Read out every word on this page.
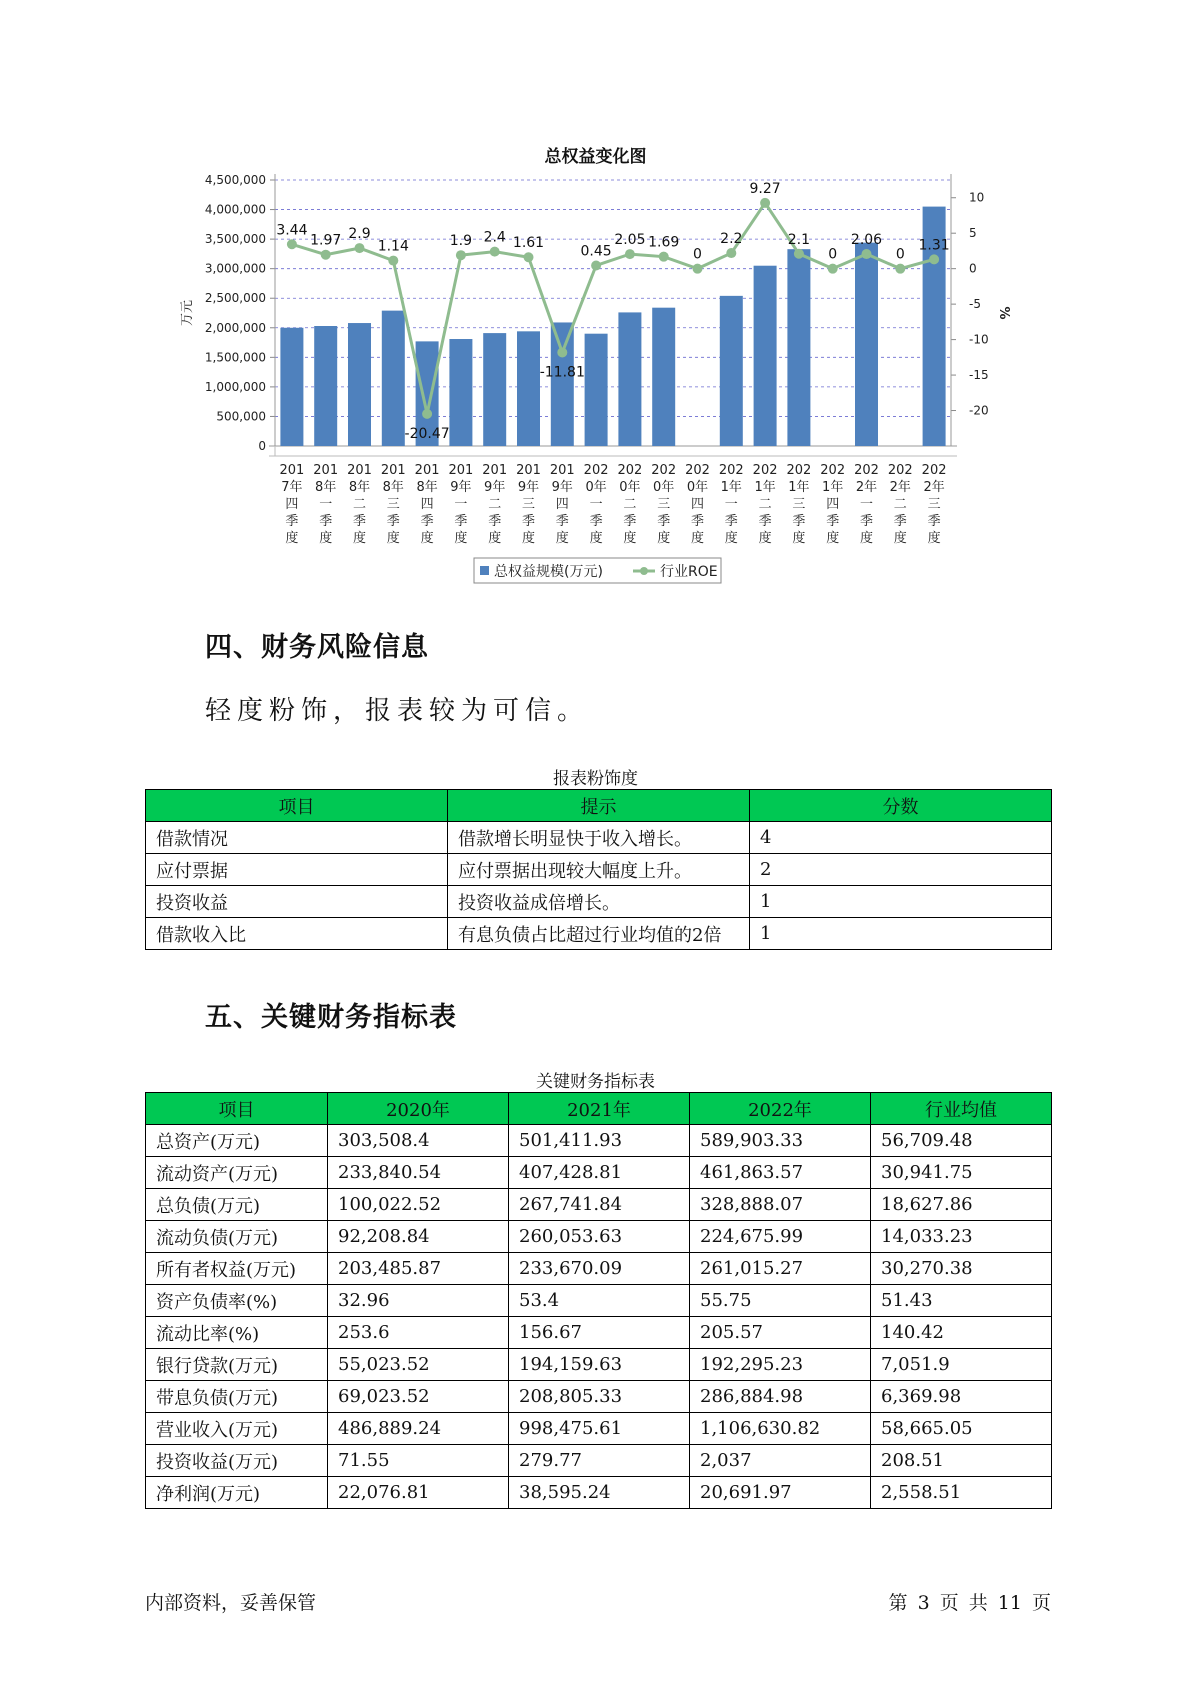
总权益变化图
4,500,000
4,000,000
3,500,000
3,000,000
2,500,000
2,000,000
1,500,000
1,000,000
500,000
0
10
5
0
-5
-10
-15
-20
万元	%
201
7年
四
季
度
201
8年
一
季
度
201
8年
二
季
度
201
8年
三
季
度
201
8年
四
季
度
201
9年
一
季
度
201
9年
二
季
度
201
9年
三
季
度
201
9年
四
季
度
202
0年
一
季
度
202
0年
二
季
度
202
0年
三
季
度
202
0年
四
季
度
202
1年
一
季
度
202
1年
二
季
度
202
1年
三
季
度
202
1年
四
季
度
202
2年
一
季
度
202
2年
二
季
度
202
2年
三
季
度
3.44
1.97 2.9
1.14
-20.47
1.9 2.4 1.61
-11.81
0.45
2.05 1.69
0
2.2
9.27
2.1
0
2.06
0
1.31
总权益规模(万元)	行业ROE
四、财务风险信息
轻度粉饰，报表较为可信。
报表粉饰度
项目	提示	分数
借款情况	借款增长明显快于收入增长。	4
应付票据	应付票据出现较大幅度上升。	2
投资收益	投资收益成倍增长。	1
借款收入比	有息负债占比超过行业均值的2倍	1
五、关键财务指标表
关键财务指标表
项目	2020年	2021年	2022年	行业均值
总资产(万元)	303,508.4	501,411.93	589,903.33	56,709.48
流动资产(万元)	233,840.54	407,428.81	461,863.57	30,941.75
总负债(万元)	100,022.52	267,741.84	328,888.07	18,627.86
流动负债(万元)	92,208.84	260,053.63	224,675.99	14,033.23
所有者权益(万元)	203,485.87	233,670.09	261,015.27	30,270.38
资产负债率(%)	32.96	53.4	55.75	51.43
流动比率(%)	253.6	156.67	205.57	140.42
银行贷款(万元)	55,023.52	194,159.63	192,295.23	7,051.9
带息负债(万元)	69,023.52	208,805.33	286,884.98	6,369.98
营业收入(万元)	486,889.24	998,475.61	1,106,630.82	58,665.05
投资收益(万元)	71.55	279.77	2,037	208.51
净利润(万元)	22,076.81	38,595.24	20,691.97	2,558.51
内部资料，妥善保管	第 3 页 共 11 页
